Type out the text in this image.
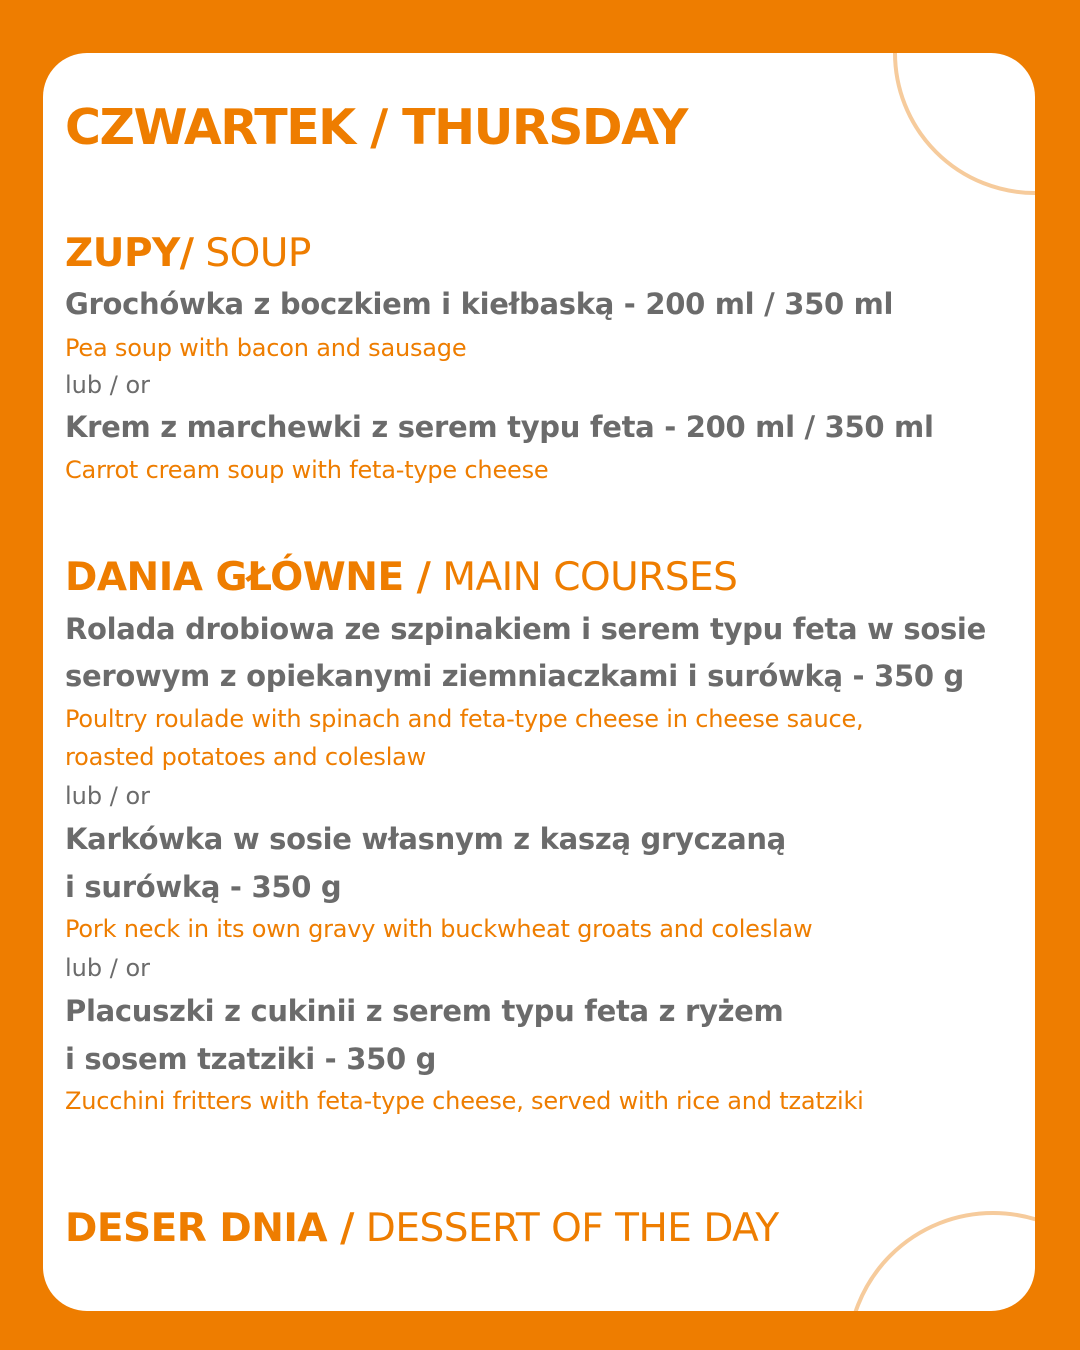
CZWARTEK / THURSDAY
ZUPY/ SOUP
Grochówka z boczkiem i kiełbaską - 200 ml / 350 ml
Pea soup with bacon and sausage
lub / or
Krem z marchewki z serem typu feta - 200 ml / 350 ml
Carrot cream soup with feta-type cheese
DANIA GŁÓWNE / MAIN COURSES
Rolada drobiowa ze szpinakiem i serem typu feta w sosie
serowym z opiekanymi ziemniaczkami i surówką - 350 g
Poultry roulade with spinach and feta-type cheese in cheese sauce,
roasted potatoes and coleslaw
lub / or
Karkówka w sosie własnym z kaszą gryczaną
i surówką - 350 g
Pork neck in its own gravy with buckwheat groats and coleslaw
lub / or
Placuszki z cukinii z serem typu feta z ryżem
i sosem tzatziki - 350 g
Zucchini fritters with feta-type cheese, served with rice and tzatziki
DESER DNIA / DESSERT OF THE DAY
